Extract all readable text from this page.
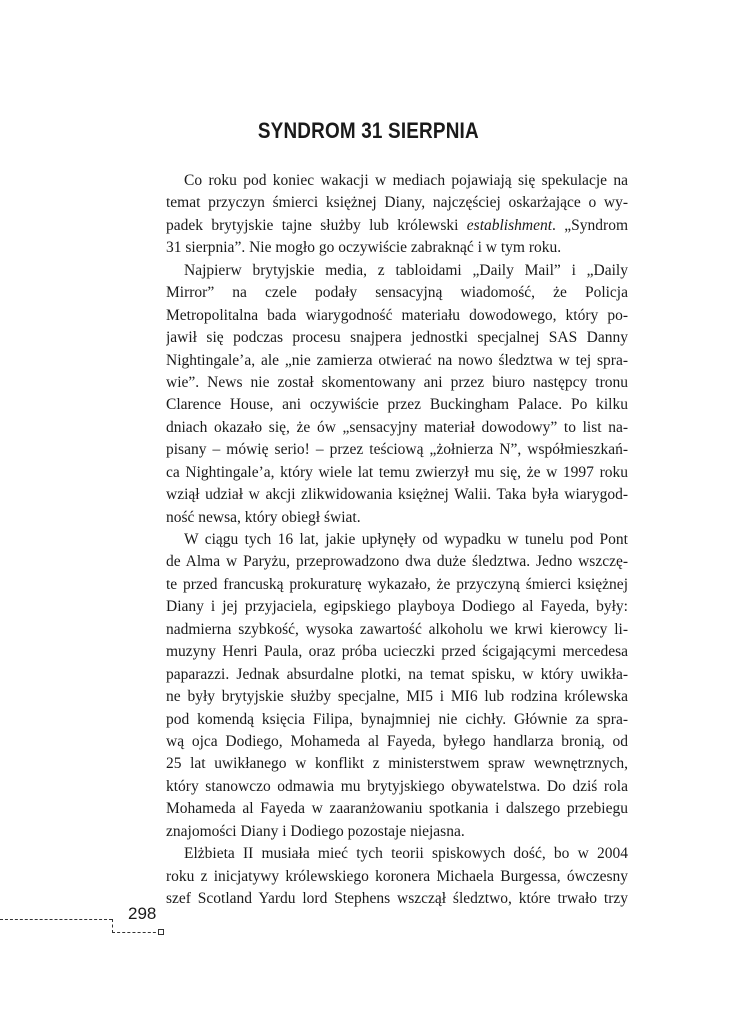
SYNDROM 31 SIERPNIA
Co roku pod koniec wakacji w mediach pojawiają się spekulacje na
temat przyczyn śmierci księżnej Diany, najczęściej oskarżające o wy-
padek brytyjskie tajne służby lub królewski establishment. „Syndrom
31 sierpnia”. Nie mogło go oczywiście zabraknąć i w tym roku.
Najpierw brytyjskie media, z tabloidami „Daily Mail” i „Daily
Mirror” na czele podały sensacyjną wiadomość, że Policja
Metropolitalna bada wiarygodność materiału dowodowego, który po-
jawił się podczas procesu snajpera jednostki specjalnej SAS Danny
Nightingale’a, ale „nie zamierza otwierać na nowo śledztwa w tej spra-
wie”. News nie został skomentowany ani przez biuro następcy tronu
Clarence House, ani oczywiście przez Buckingham Palace. Po kilku
dniach okazało się, że ów „sensacyjny materiał dowodowy” to list na-
pisany – mówię serio! – przez teściową „żołnierza N”, współmieszkań-
ca Nightingale’a, który wiele lat temu zwierzył mu się, że w 1997 roku
wziął udział w akcji zlikwidowania księżnej Walii. Taka była wiarygod-
ność newsa, który obiegł świat.
W ciągu tych 16 lat, jakie upłynęły od wypadku w tunelu pod Pont
de Alma w Paryżu, przeprowadzono dwa duże śledztwa. Jedno wszczę-
te przed francuską prokuraturę wykazało, że przyczyną śmierci księżnej
Diany i jej przyjaciela, egipskiego playboya Dodiego al Fayeda, były:
nadmierna szybkość, wysoka zawartość alkoholu we krwi kierowcy li-
muzyny Henri Paula, oraz próba ucieczki przed ścigającymi mercedesa
paparazzi. Jednak absurdalne plotki, na temat spisku, w który uwikła-
ne były brytyjskie służby specjalne, MI5 i MI6 lub rodzina królewska
pod komendą księcia Filipa, bynajmniej nie cichły. Głównie za spra-
wą ojca Dodiego, Mohameda al Fayeda, byłego handlarza bronią, od
25 lat uwikłanego w konflikt z ministerstwem spraw wewnętrznych,
który stanowczo odmawia mu brytyjskiego obywatelstwa. Do dziś rola
Mohameda al Fayeda w zaaranżowaniu spotkania i dalszego przebiegu
znajomości Diany i Dodiego pozostaje niejasna.
Elżbieta II musiała mieć tych teorii spiskowych dość, bo w 2004
roku z inicjatywy królewskiego koronera Michaela Burgessa, ówczesny
szef Scotland Yardu lord Stephens wszczął śledztwo, które trwało trzy
298
